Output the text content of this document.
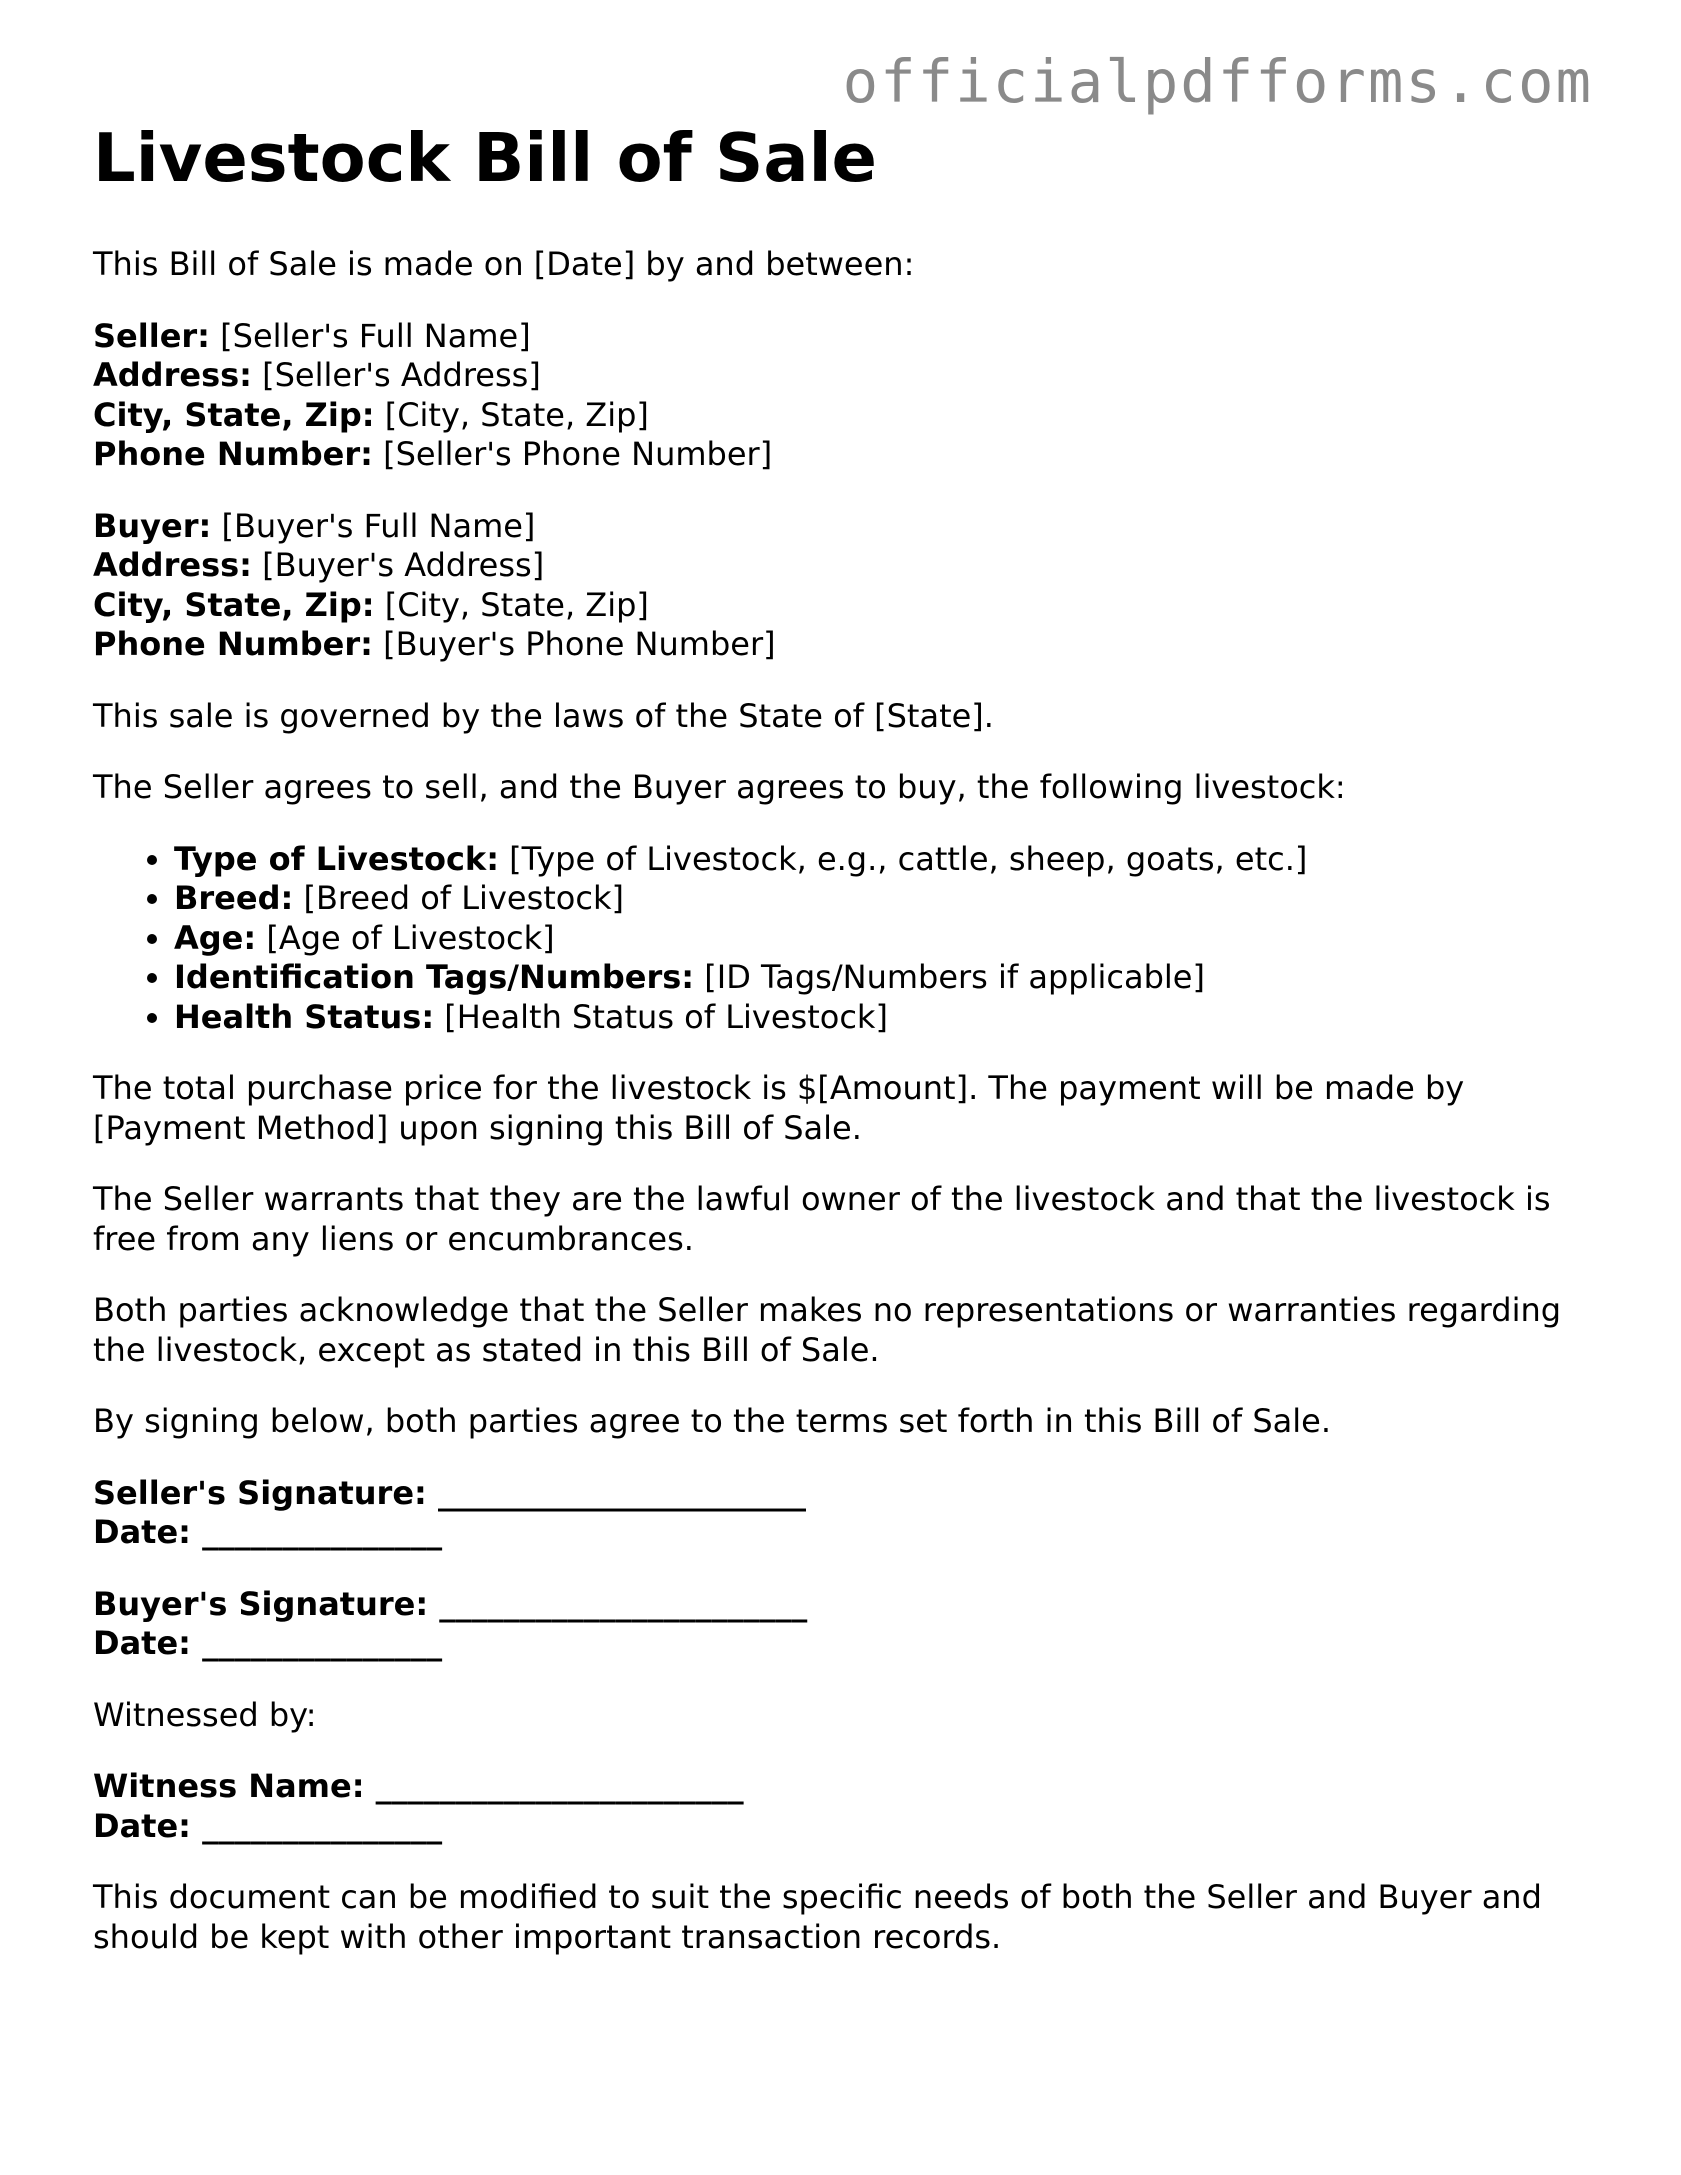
officialpdfforms.com
Livestock Bill of Sale

This Bill of Sale is made on [Date] by and between:

Seller: [Seller's Full Name]
Address: [Seller's Address]
City, State, Zip: [City, State, Zip]
Phone Number: [Seller's Phone Number]
Buyer: [Buyer's Full Name]
Address: [Buyer's Address]
City, State, Zip: [City, State, Zip]
Phone Number: [Buyer's Phone Number]

This sale is governed by the laws of the State of [State].

The Seller agrees to sell, and the Buyer agrees to buy, the following livestock:

• Type of Livestock: [Type of Livestock, e.g., cattle, sheep, goats, etc.]
• Breed: [Breed of Livestock]
• Age: [Age of Livestock]
• Identification Tags/Numbers: [ID Tags/Numbers if applicable]
• Health Status: [Health Status of Livestock]

The total purchase price for the livestock is $[Amount]. The payment will be made by [Payment Method] upon signing this Bill of Sale.

The Seller warrants that they are the lawful owner of the livestock and that the livestock is free from any liens or encumbrances.

Both parties acknowledge that the Seller makes no representations or warranties regarding the livestock, except as stated in this Bill of Sale.

By signing below, both parties agree to the terms set forth in this Bill of Sale.

Seller's Signature: _______________________
Date: _______________
Buyer's Signature: _______________________
Date: _______________

Witnessed by:

Witness Name: _______________________
Date: _______________

This document can be modified to suit the specific needs of both the Seller and Buyer and should be kept with other important transaction records.
